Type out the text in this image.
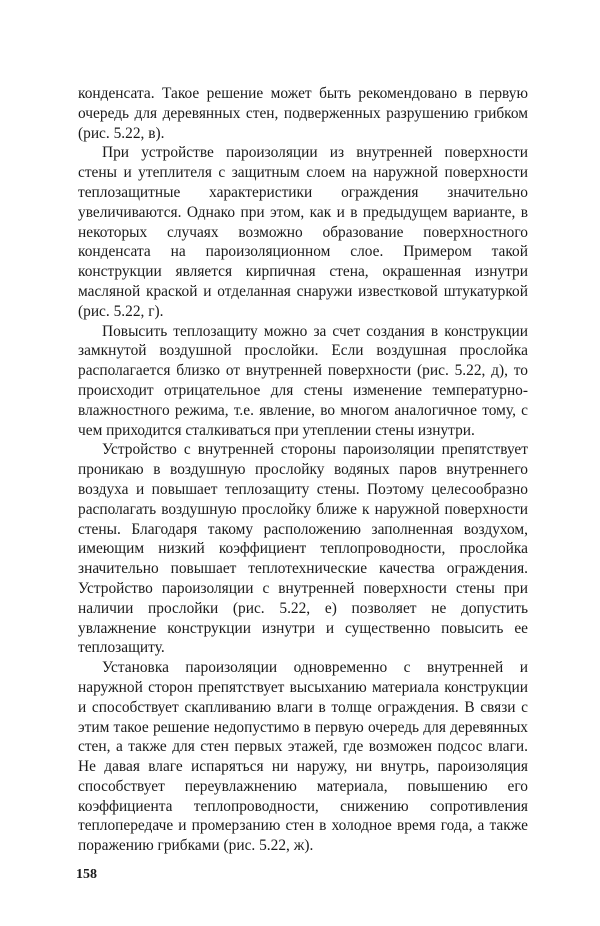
конденсата. Такое решение может быть рекомендовано в первую очередь для деревянных стен, подверженных разрушению грибком (рис. 5.22, в).

При устройстве пароизоляции из внутренней поверхности стены и утеплителя с защитным слоем на наружной поверхности теплозащитные характеристики ограждения значительно увеличиваются. Однако при этом, как и в предыдущем варианте, в некоторых случаях возможно образование поверхностного конденсата на пароизоляционном слое. Примером такой конструкции является кирпичная стена, окрашенная изнутри масляной краской и отделанная снаружи известковой штукатуркой (рис. 5.22, г).

Повысить теплозащиту можно за счет создания в конструкции замкнутой воздушной прослойки. Если воздушная прослойка располагается близко от внутренней поверхности (рис. 5.22, д), то происходит отрицательное для стены изменение температурно-влажностного режима, т.е. явление, во многом аналогичное тому, с чем приходится сталкиваться при утеплении стены изнутри.

Устройство с внутренней стороны пароизоляции препятствует проникаю в воздушную прослойку водяных паров внутреннего воздуха и повышает теплозащиту стены. Поэтому целесообразно располагать воздушную прослойку ближе к наружной поверхности стены. Благодаря такому расположению заполненная воздухом, имеющим низкий коэффициент теплопроводности, прослойка значительно повышает теплотехнические качества ограждения. Устройство пароизоляции с внутренней поверхности стены при наличии прослойки (рис. 5.22, е) позволяет не допустить увлажнение конструкции изнутри и существенно повысить ее теплозащиту.

Установка пароизоляции одновременно с внутренней и наружной сторон препятствует высыханию материала конструкции и способствует скапливанию влаги в толще ограждения. В связи с этим такое решение недопустимо в первую очередь для деревянных стен, а также для стен первых этажей, где возможен подсос влаги. Не давая влаге испаряться ни наружу, ни внутрь, пароизоляция способствует переувлажнению материала, повышению его коэффициента теплопроводности, снижению сопротивления теплопередаче и промерзанию стен в холодное время года, а также поражению грибками (рис. 5.22, ж).

158
